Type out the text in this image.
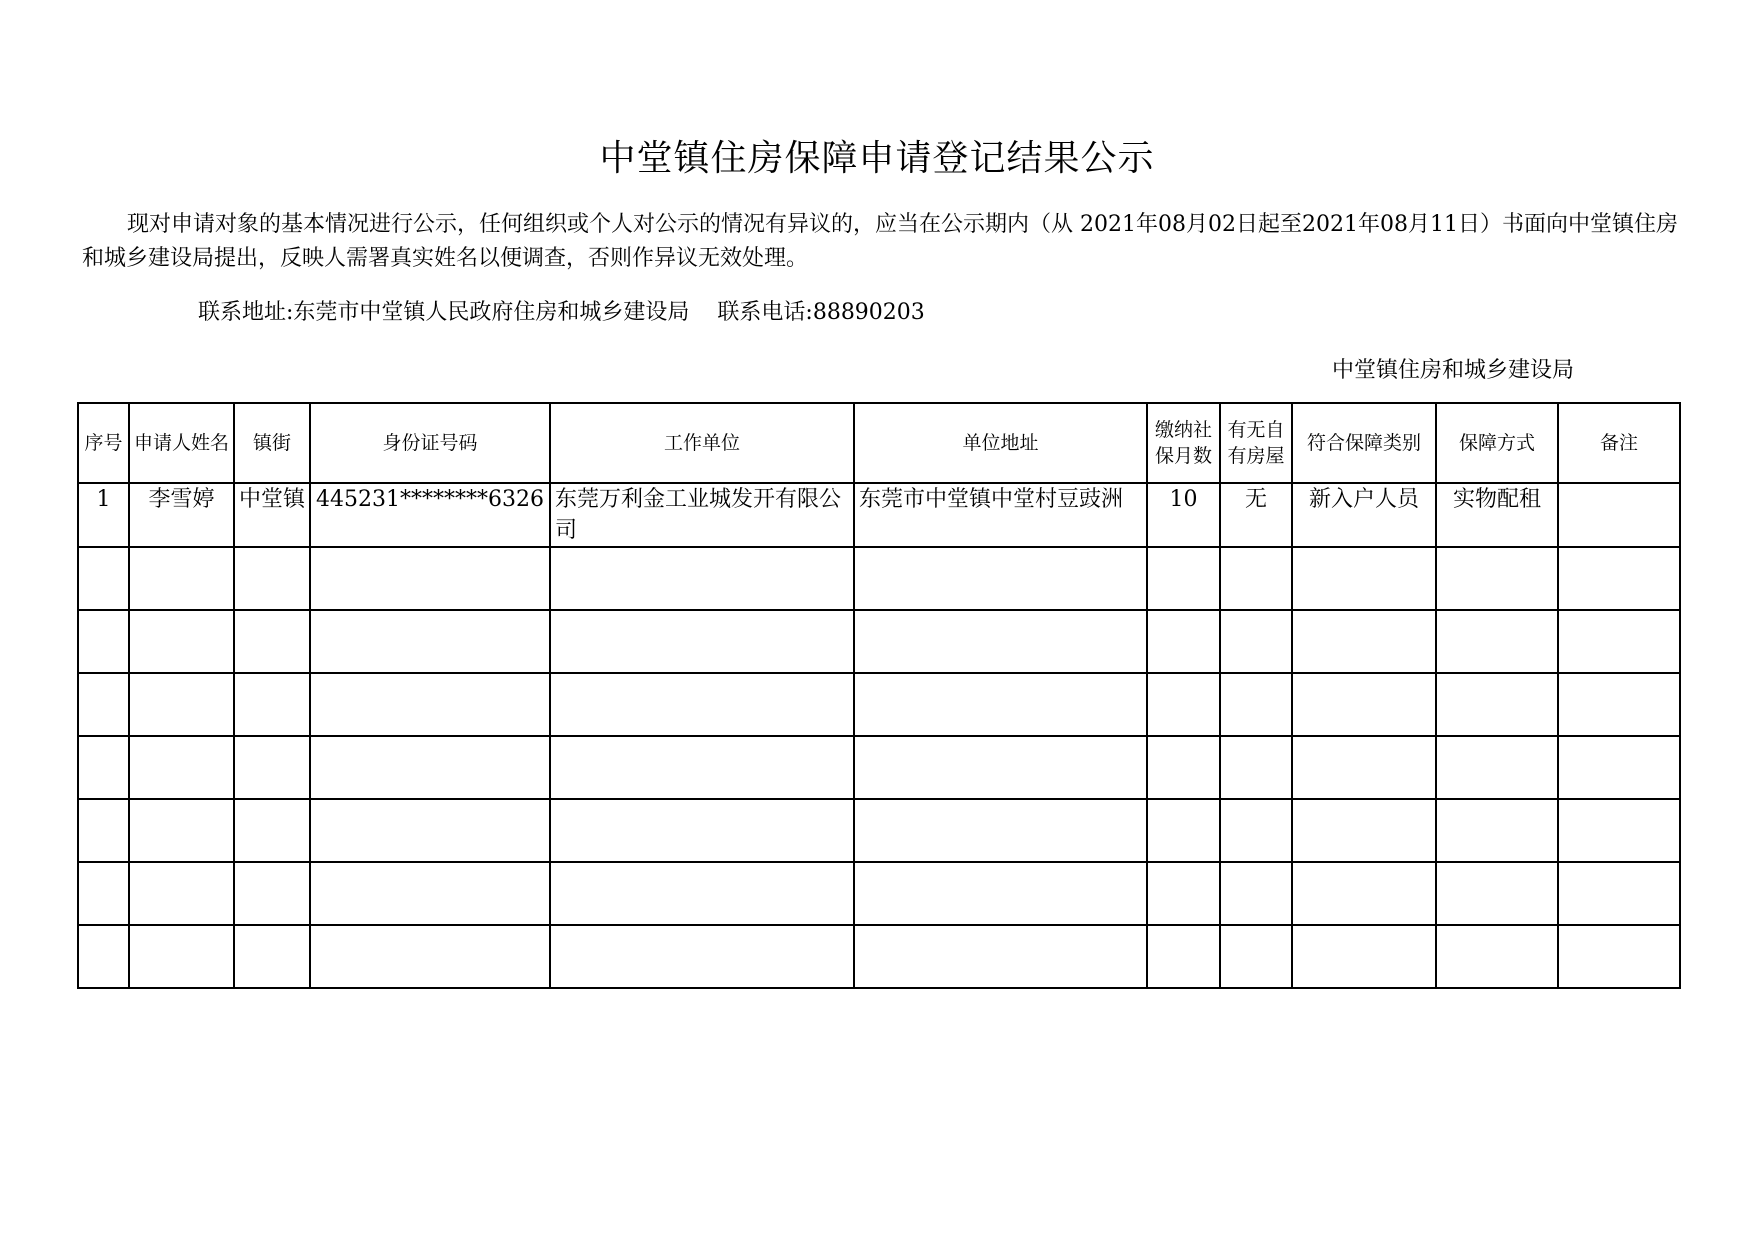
中堂镇住房保障申请登记结果公示
现对申请对象的基本情况进行公示，任何组织或个人对公示的情况有异议的，应当在公示期内（从 2021年08月02日起至2021年08月11日）书面向中堂镇住房和城乡建设局提出，反映人需署真实姓名以便调查，否则作异议无效处理。
联系地址:东莞市中堂镇人民政府住房和城乡建设局 联系电话:88890203
中堂镇住房和城乡建设局
序号	申请人姓名	镇街	身份证号码	工作单位	单位地址	缴纳社保月数	有无自有房屋	符合保障类别	保障方式	备注
1	李雪婷	中堂镇	445231********6326	东莞万利金工业城发开有限公司	东莞市中堂镇中堂村豆豉洲	10	无	新入户人员	实物配租	
